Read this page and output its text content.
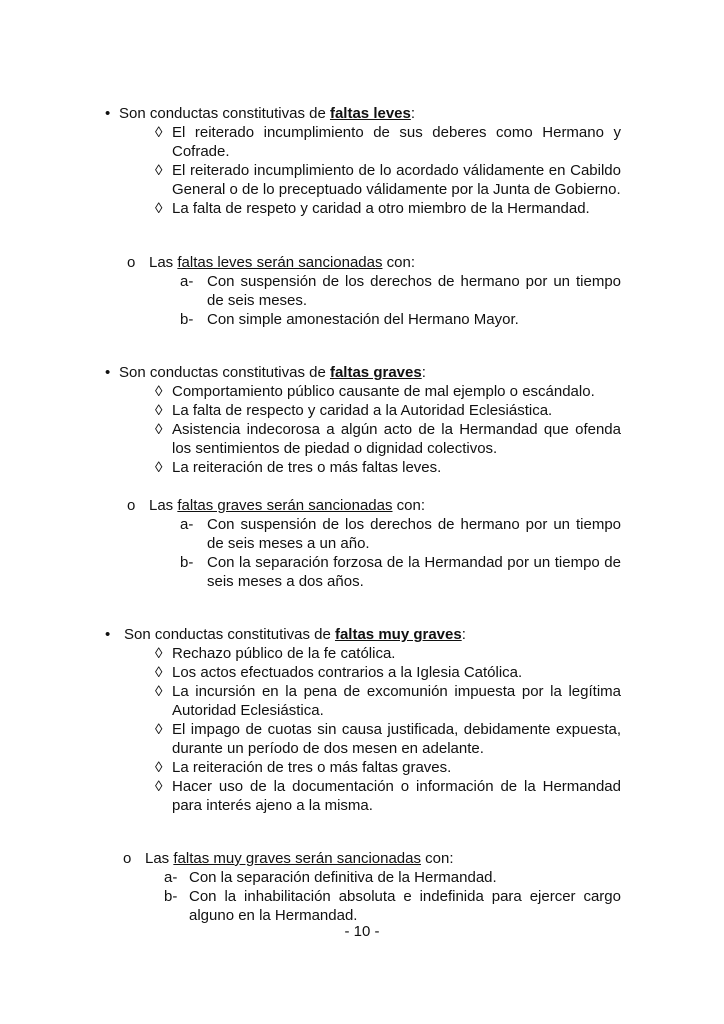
• Son conductas constitutivas de faltas leves:
◊ El reiterado incumplimiento de sus deberes como Hermano y Cofrade.
◊ El reiterado incumplimiento de lo acordado válidamente en Cabildo General o de lo preceptuado válidamente por la Junta de Gobierno.
◊ La falta de respeto y caridad a otro miembro de la Hermandad.
o Las faltas leves serán sancionadas con:
a- Con suspensión de los derechos de hermano por un tiempo de seis meses.
b- Con simple amonestación del Hermano Mayor.
• Son conductas constitutivas de faltas graves:
◊ Comportamiento público causante de mal ejemplo o escándalo.
◊ La falta de respecto y caridad a la Autoridad Eclesiástica.
◊ Asistencia indecorosa a algún acto de la Hermandad que ofenda los sentimientos de piedad o dignidad colectivos.
◊ La reiteración de tres o más faltas leves.
o Las faltas graves serán sancionadas con:
a- Con suspensión de los derechos de hermano por un tiempo de seis meses a un año.
b- Con la separación forzosa de la Hermandad por un tiempo de seis meses a dos años.
• Son conductas constitutivas de faltas muy graves:
◊ Rechazo público de la fe católica.
◊ Los actos efectuados contrarios a la Iglesia Católica.
◊ La incursión en la pena de excomunión impuesta por la legítima Autoridad Eclesiástica.
◊ El impago de cuotas sin causa justificada, debidamente expuesta, durante un período de dos mesen en adelante.
◊ La reiteración de tres o más faltas graves.
◊ Hacer uso de la documentación o información de la Hermandad para interés ajeno a la misma.
o Las faltas muy graves serán sancionadas con:
a- Con la separación definitiva de la Hermandad.
b- Con la inhabilitación absoluta e indefinida para ejercer cargo alguno en la Hermandad.
- 10 -
